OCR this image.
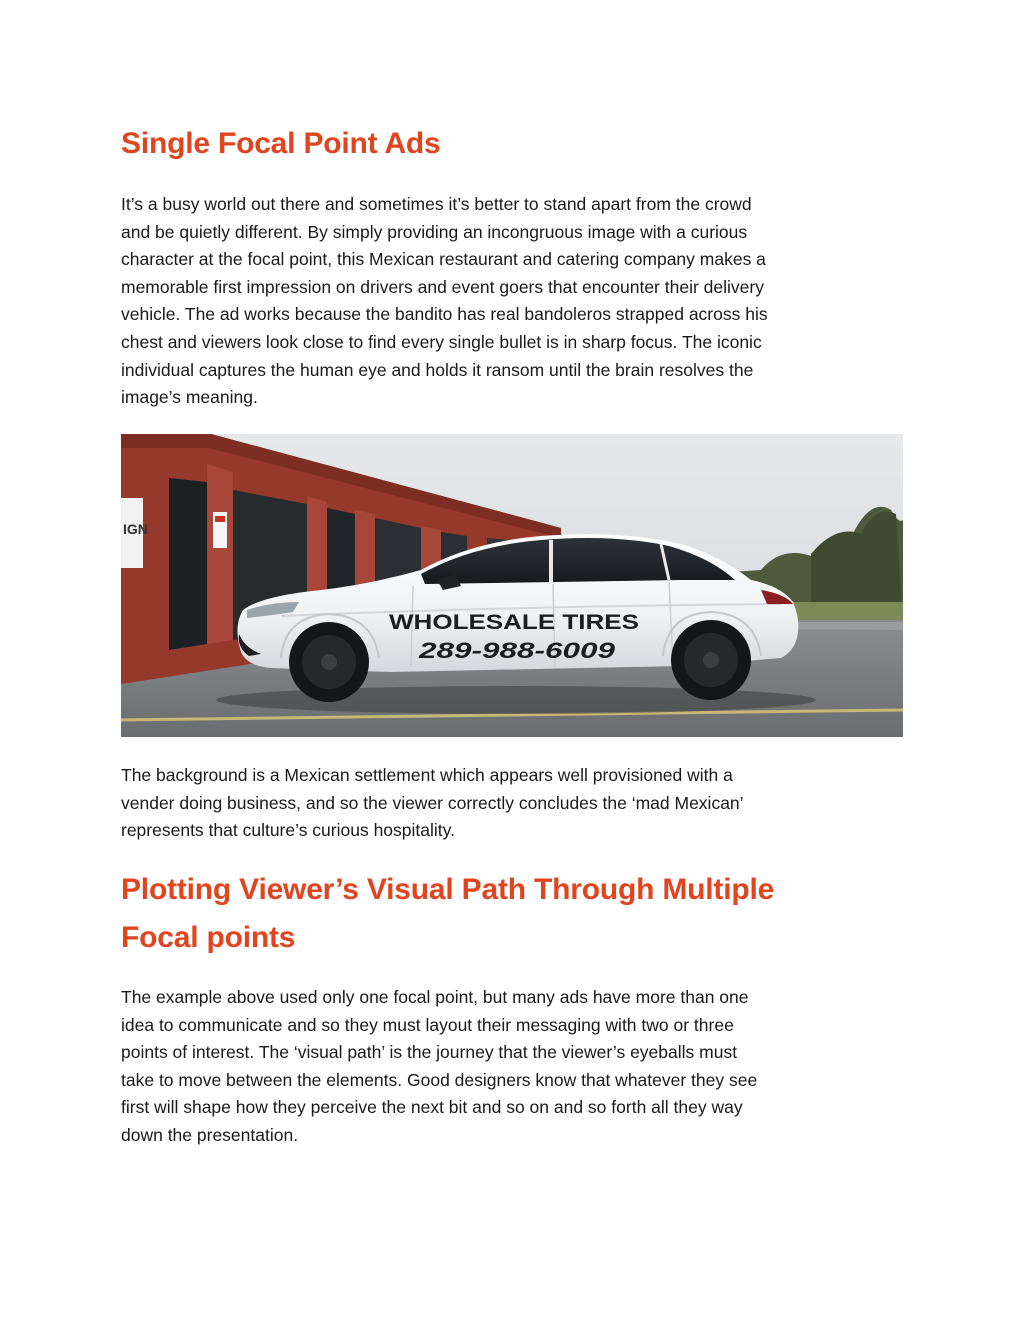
Single Focal Point Ads
It’s a busy world out there and sometimes it’s better to stand apart from the crowd
and be quietly different. By simply providing an incongruous image with a curious
character at the focal point, this Mexican restaurant and catering company makes a
memorable first impression on drivers and event goers that encounter their delivery
vehicle. The ad works because the bandito has real bandoleros strapped across his
chest and viewers look close to find every single bullet is in sharp focus. The iconic
individual captures the human eye and holds it ransom until the brain resolves the
image’s meaning.
IGN
WHOLESALE TIRES
289-988-6009
The background is a Mexican settlement which appears well provisioned with a
vender doing business, and so the viewer correctly concludes the ‘mad Mexican’
represents that culture’s curious hospitality.
Plotting Viewer’s Visual Path Through Multiple
Focal points
The example above used only one focal point, but many ads have more than one
idea to communicate and so they must layout their messaging with two or three
points of interest. The ‘visual path’ is the journey that the viewer’s eyeballs must
take to move between the elements. Good designers know that whatever they see
first will shape how they perceive the next bit and so on and so forth all they way
down the presentation.
